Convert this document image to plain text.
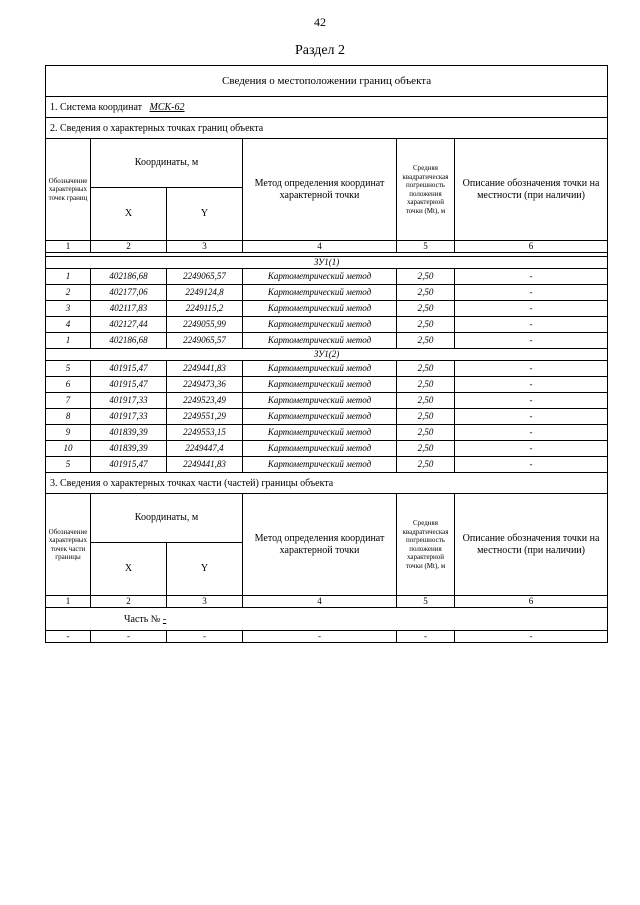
42
Раздел 2
Сведения о местоположении границ объекта					
1. Система координат МСК-62					
2. Сведения о характерных точках границ объекта					
Обозначение характерных точек границ	Координаты, м		Метод определения координат характерной точки	Средняя квадратическая погрешность положения характерной точки (Mt), м	Описание обозначения точки на местности (при наличии)
	X	Y			
1	2	3	4	5	6

ЗУ1(1)					
1	402186,68	2249065,57	Картометрический метод	2,50	-
2	402177,06	2249124,8	Картометрический метод	2,50	-
3	402117,83	2249115,2	Картометрический метод	2,50	-
4	402127,44	2249055,99	Картометрический метод	2,50	-
1	402186,68	2249065,57	Картометрический метод	2,50	-
ЗУ1(2)					
5	401915,47	2249441,83	Картометрический метод	2,50	-
6	401915,47	2249473,36	Картометрический метод	2,50	-
7	401917,33	2249523,49	Картометрический метод	2,50	-
8	401917,33	2249551,29	Картометрический метод	2,50	-
9	401839,39	2249553,15	Картометрический метод	2,50	-
10	401839,39	2249447,4	Картометрический метод	2,50	-
5	401915,47	2249441,83	Картометрический метод	2,50	-
3. Сведения о характерных точках части (частей) границы объекта					
Обозначение характерных точек части границы	Координаты, м		Метод определения координат характерной точки	Средняя квадратическая погрешность положения характерной точки (Mt), м	Описание обозначения точки на местности (при наличии)
	X	Y			
1	2	3	4	5	6
Часть № -					
-	-	-	-	-	-
